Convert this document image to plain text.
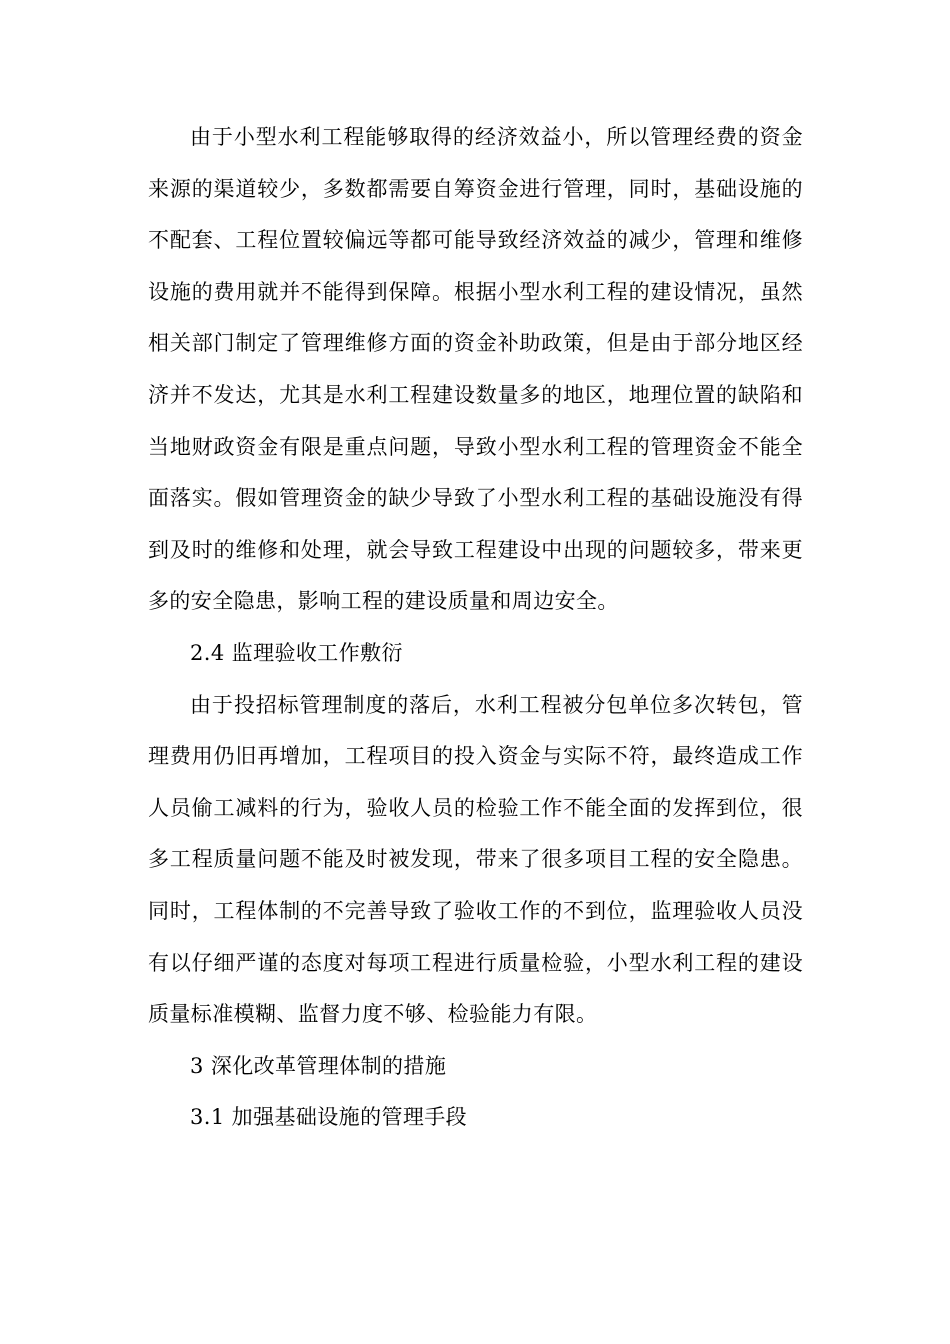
由于小型水利工程能够取得的经济效益小，所以管理经费的资金来源的渠道较少，多数都需要自筹资金进行管理，同时，基础设施的不配套、工程位置较偏远等都可能导致经济效益的减少，管理和维修设施的费用就并不能得到保障。根据小型水利工程的建设情况，虽然相关部门制定了管理维修方面的资金补助政策，但是由于部分地区经济并不发达，尤其是水利工程建设数量多的地区，地理位置的缺陷和当地财政资金有限是重点问题，导致小型水利工程的管理资金不能全面落实。假如管理资金的缺少导致了小型水利工程的基础设施没有得到及时的维修和处理，就会导致工程建设中出现的问题较多，带来更多的安全隐患，影响工程的建设质量和周边安全。

2.4 监理验收工作敷衍

由于投招标管理制度的落后，水利工程被分包单位多次转包，管理费用仍旧再增加，工程项目的投入资金与实际不符，最终造成工作人员偷工减料的行为，验收人员的检验工作不能全面的发挥到位，很多工程质量问题不能及时被发现，带来了很多项目工程的安全隐患。同时，工程体制的不完善导致了验收工作的不到位，监理验收人员没有以仔细严谨的态度对每项工程进行质量检验，小型水利工程的建设质量标准模糊、监督力度不够、检验能力有限。

3 深化改革管理体制的措施

3.1 加强基础设施的管理手段
